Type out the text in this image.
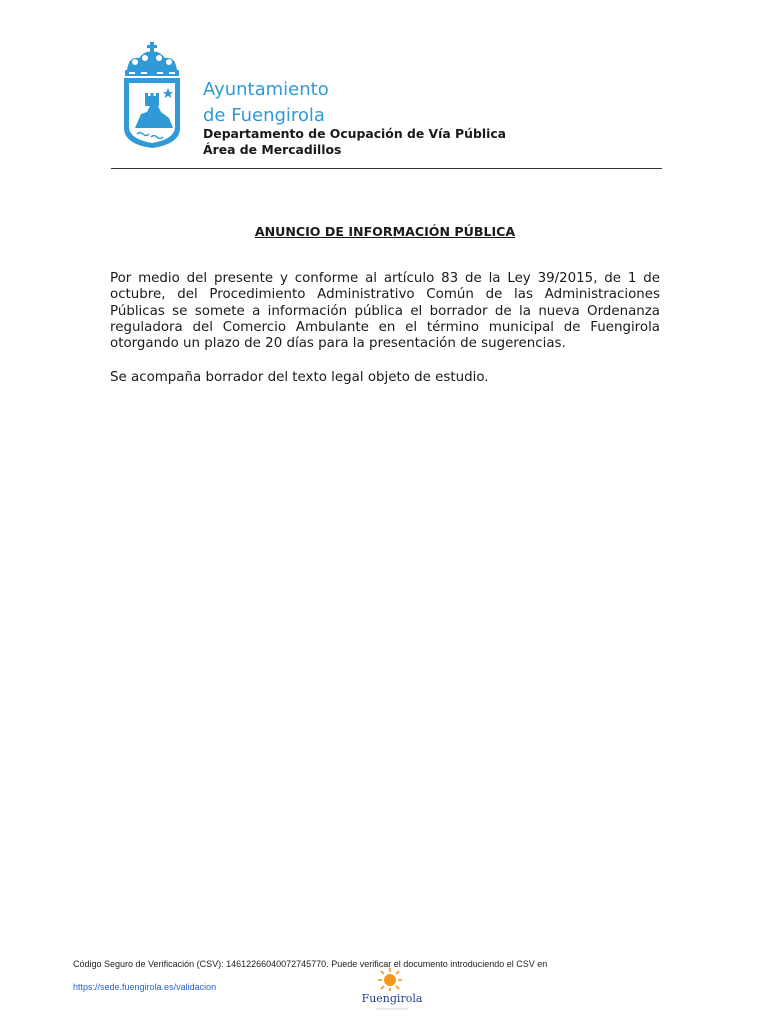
Ayuntamiento
de Fuengirola
Departamento de Ocupación de Vía Pública
Área de Mercadillos
ANUNCIO DE INFORMACIÓN PÚBLICA

Por medio del presente y conforme al artículo 83 de la Ley 39/2015, de 1 de octubre, del Procedimiento Administrativo Común de las Administraciones Públicas se somete a información pública el borrador de la nueva Ordenanza reguladora del Comercio Ambulante en el término municipal de Fuengirola otorgando un plazo de 20 días para la presentación de sugerencias.

Se acompaña borrador del texto legal objeto de estudio.

Código Seguro de Verificación (CSV): 14612266040072745770. Puede verificar el documento introduciendo el CSV en
https://sede.fuengirola.es/validacion
Fuengirola
